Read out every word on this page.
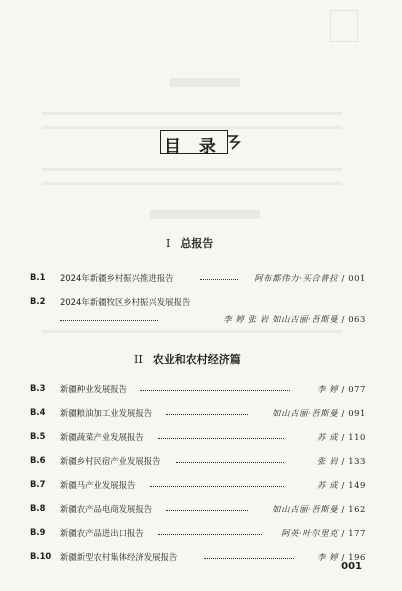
目 录
I 总报告
B.1	2024年新疆乡村振兴推进报告	阿布都伟力·买合普拉 / 001
B.2	2024年新疆牧区乡村振兴发展报告
李 婷 张 岩 如山古丽·吾斯曼 / 063
II 农业和农村经济篇
B.3	新疆种业发展报告	李 婷 / 077
B.4	新疆粮油加工业发展报告	如山古丽·吾斯曼 / 091
B.5	新疆蔬菜产业发展报告	苏 成 / 110
B.6	新疆乡村民宿产业发展报告	张 岩 / 133
B.7	新疆马产业发展报告	苏 成 / 149
B.8	新疆农产品电商发展报告	如山古丽·吾斯曼 / 162
B.9	新疆农产品进出口报告	阿英·叶尔里克 / 177
B.10	新疆新型农村集体经济发展报告	李 婷 / 196
001
